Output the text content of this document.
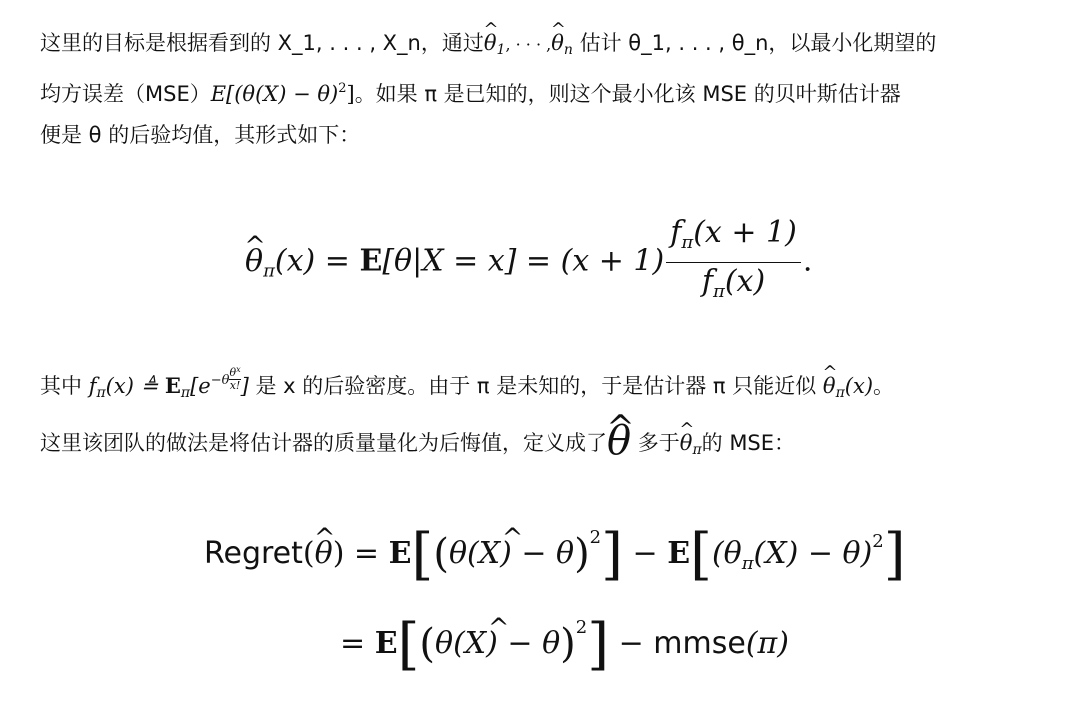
这里的目标是根据看到的 X_1, . . . , X_n，通过^ $\theta_1$, · · · ,^ $\theta_n$ 估计 θ_1, . . . , θ_n，以最小化期望的
均方误差$(MSE)E[(\theta(X) - \theta)^2]$。如果 π 是已知的，则这个最小化该 MSE 的贝叶斯估计器
便是 θ 的后验均值，其形式如下：
^ $\theta_\pi(x) = E[\theta|X = x] = (x + 1) \frac{f_\pi(x + 1)}{f_\pi(x)}$ .
其中 $f_\pi(x)$ ≜ $E_\pi[e^{-\theta} \frac{\theta^x}{x!}]$ 是 x 的后验密度。由于 π 是未知的，于是估计器 π 只能近似 ^ $\theta_\pi(x)$。
这里该团队的做法是将估计器的质量量化为后悔值，定义成了^ θ 多于^ $\theta_\pi$的 MSE：
Regret(^ θ) = E[(^ $\theta(X) - \theta)^2] - E[(\theta_\pi(X) - \theta)^2]$
= E[(^ θ(X) − θ)$^2$] − mmse(π)
